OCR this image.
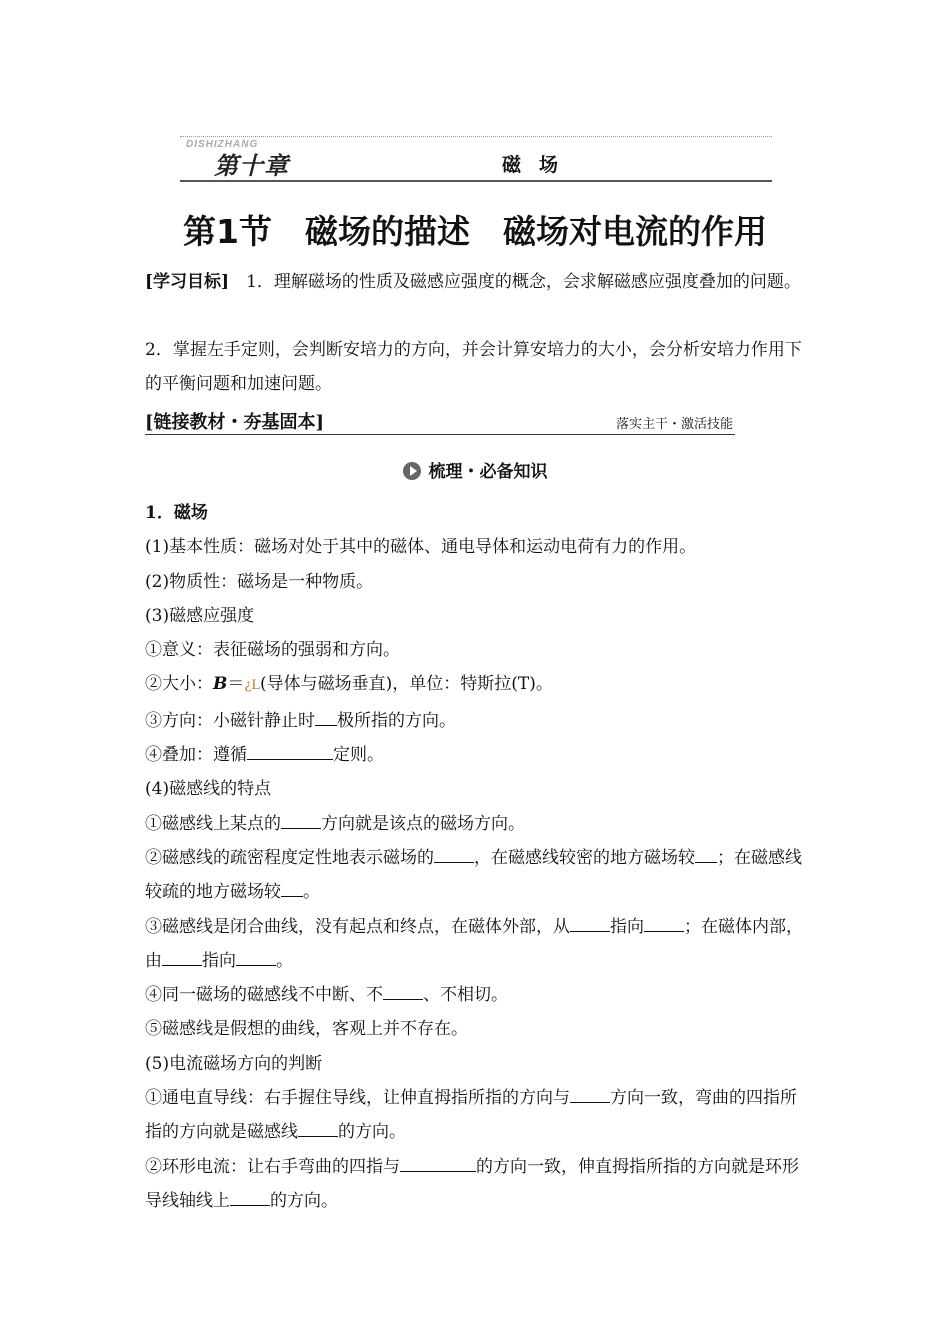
DISHIZHANG
第十章	磁场
第1节　磁场的描述　磁场对电流的作用
[学习目标]　1．理解磁场的性质及磁感应强度的概念，会求解磁感应强度叠加的问题。
2．掌握左手定则，会判断安培力的方向，并会计算安培力的大小，会分析安培力作用下的平衡问题和加速问题。
[链接教材・夯基固本]	落实主干・激活技能
梳理・必备知识
1．磁场
(1)基本性质：磁场对处于其中的磁体、通电导体和运动电荷有力的作用。
(2)物质性：磁场是一种物质。
(3)磁感应强度
①意义：表征磁场的强弱和方向。
②大小：B＝¿L(导体与磁场垂直)，单位：特斯拉(T)。
③方向：小磁针静止时 极所指的方向。
④叠加：遵循	定则。
(4)磁感线的特点
①磁感线上某点的 方向就是该点的磁场方向。
②磁感线的疏密程度定性地表示磁场的 ，在磁感线较密的地方磁场较 ；在磁感线较疏的地方磁场较 。
③磁感线是闭合曲线，没有起点和终点，在磁体外部，从 指向 ；在磁体内部，由 指向 。
④同一磁场的磁感线不中断、不 、不相切。
⑤磁感线是假想的曲线，客观上并不存在。
(5)电流磁场方向的判断
①通电直导线：右手握住导线，让伸直拇指所指的方向与 方向一致，弯曲的四指所指的方向就是磁感线 的方向。
②环形电流：让右手弯曲的四指与	的方向一致，伸直拇指所指的方向就是环形导线轴线上 的方向。
